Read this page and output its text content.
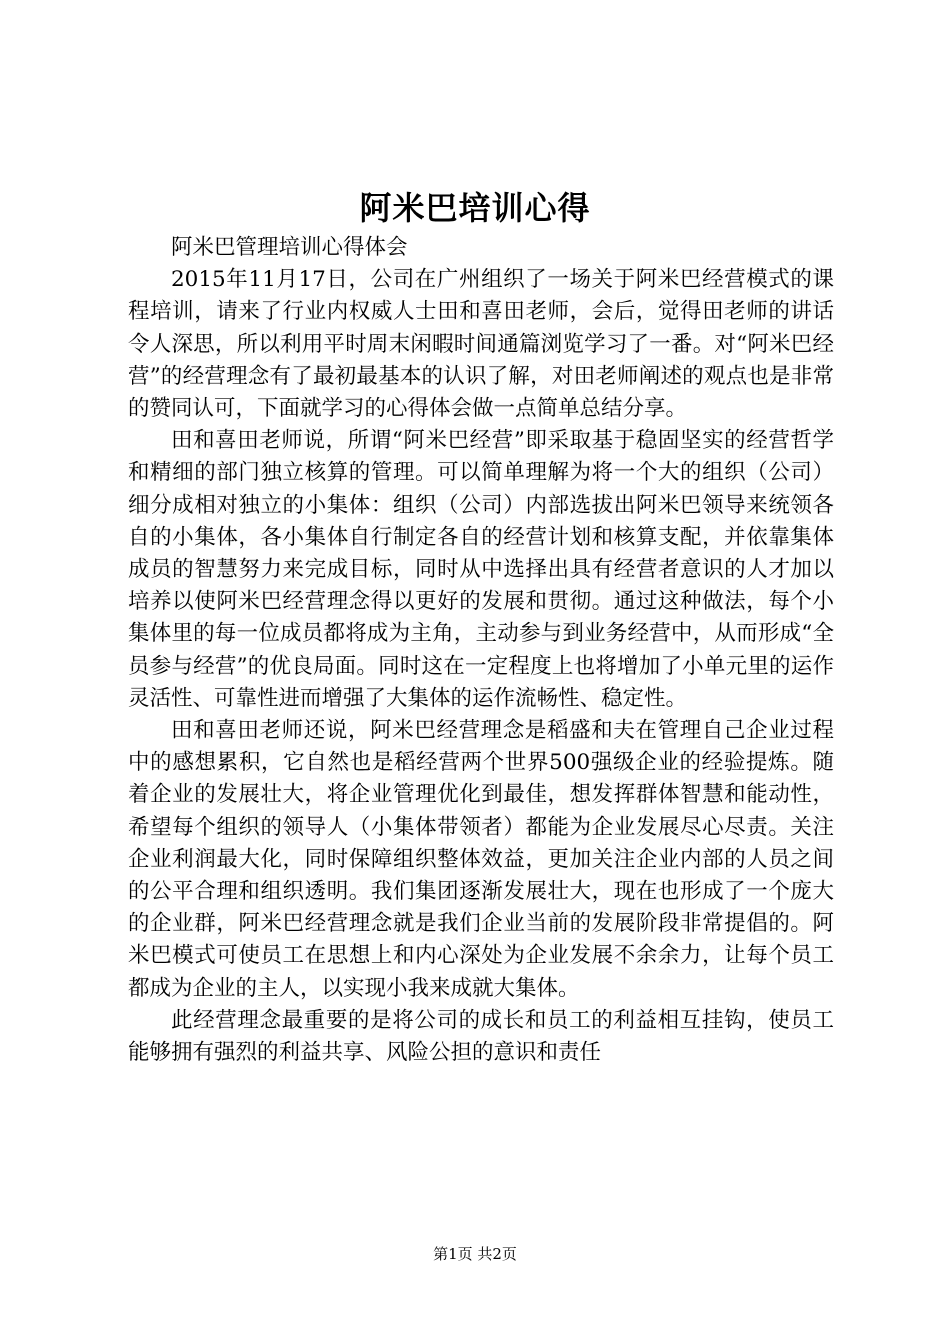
阿米巴培训心得

阿米巴管理培训心得体会

2015年11月17日，公司在广州组织了一场关于阿米巴经营模式的课程培训，请来了行业内权威人士田和喜田老师，会后，觉得田老师的讲话令人深思，所以利用平时周末闲暇时间通篇浏览学习了一番。对“阿米巴经营”的经营理念有了最初最基本的认识了解，对田老师阐述的观点也是非常的赞同认可，下面就学习的心得体会做一点简单总结分享。

田和喜田老师说，所谓“阿米巴经营”即采取基于稳固坚实的经营哲学和精细的部门独立核算的管理。可以简单理解为将一个大的组织（公司）细分成相对独立的小集体：组织（公司）内部选拔出阿米巴领导来统领各自的小集体，各小集体自行制定各自的经营计划和核算支配，并依靠集体成员的智慧努力来完成目标，同时从中选择出具有经营者意识的人才加以培养以使阿米巴经营理念得以更好的发展和贯彻。通过这种做法，每个小集体里的每一位成员都将成为主角，主动参与到业务经营中，从而形成“全员参与经营”的优良局面。同时这在一定程度上也将增加了小单元里的运作灵活性、可靠性进而增强了大集体的运作流畅性、稳定性。

田和喜田老师还说，阿米巴经营理念是稻盛和夫在管理自己企业过程中的感想累积，它自然也是稻经营两个世界500强级企业的经验提炼。随着企业的发展壮大，将企业管理优化到最佳，想发挥群体智慧和能动性，希望每个组织的领导人（小集体带领者）都能为企业发展尽心尽责。关注企业利润最大化，同时保障组织整体效益，更加关注企业内部的人员之间的公平合理和组织透明。我们集团逐渐发展壮大，现在也形成了一个庞大的企业群，阿米巴经营理念就是我们企业当前的发展阶段非常提倡的。阿米巴模式可使员工在思想上和内心深处为企业发展不余余力，让每个员工都成为企业的主人，以实现小我来成就大集体。

此经营理念最重要的是将公司的成长和员工的利益相互挂钩，使员工能够拥有强烈的利益共享、风险公担的意识和责任

第1页 共2页
